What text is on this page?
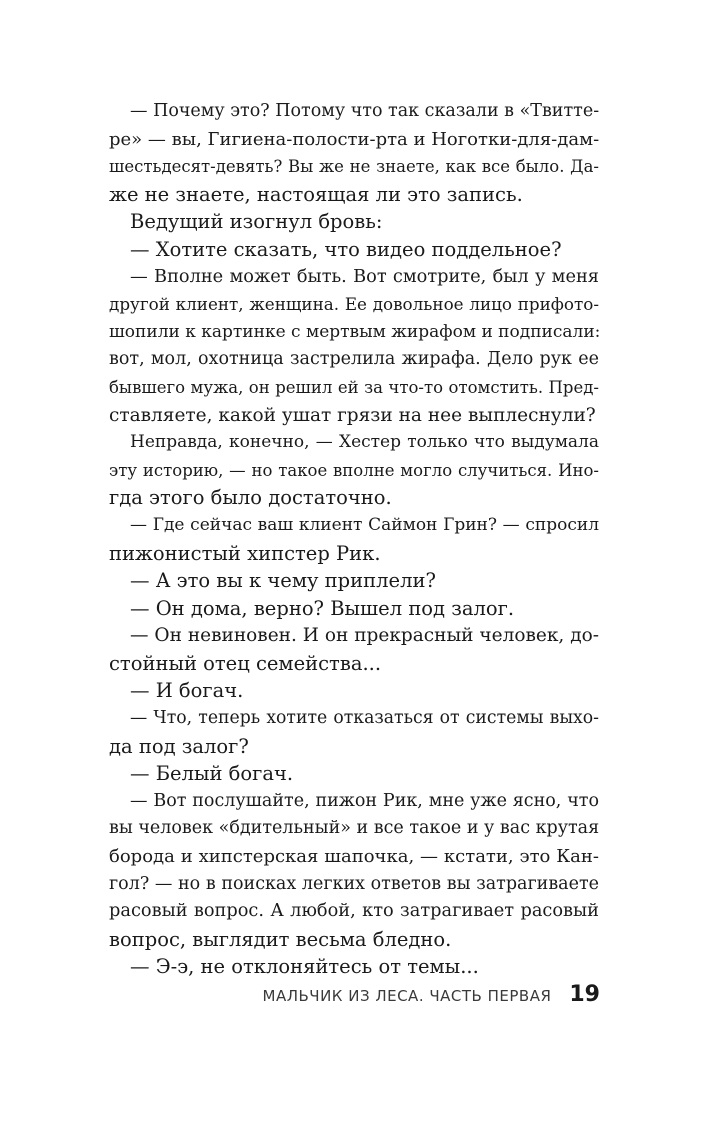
— Почему это? Потому что так сказали в «Твитте-
ре» — вы, Гигиена-полости-рта и Ноготки-для-дам-
шестьдесят-девять? Вы же не знаете, как все было. Да-
же не знаете, настоящая ли это запись.
Ведущий изогнул бровь:
— Хотите сказать, что видео поддельное?
— Вполне может быть. Вот смотрите, был у меня
другой клиент, женщина. Ее довольное лицо прифото-
шопили к картинке с мертвым жирафом и подписали:
вот, мол, охотница застрелила жирафа. Дело рук ее
бывшего мужа, он решил ей за что-то отомстить. Пред-
ставляете, какой ушат грязи на нее выплеснули?
Неправда, конечно, — Хестер только что выдумала
эту историю, — но такое вполне могло случиться. Ино-
гда этого было достаточно.
— Где сейчас ваш клиент Саймон Грин? — спросил
пижонистый хипстер Рик.
— А это вы к чему приплели?
— Он дома, верно? Вышел под залог.
— Он невиновен. И он прекрасный человек, до-
стойный отец семейства...
— И богач.
— Что, теперь хотите отказаться от системы выхо-
да под залог?
— Белый богач.
— Вот послушайте, пижон Рик, мне уже ясно, что
вы человек «бдительный» и все такое и у вас крутая
борода и хипстерская шапочка, — кстати, это Кан-
гол? — но в поисках легких ответов вы затрагиваете
расовый вопрос. А любой, кто затрагивает расовый
вопрос, выглядит весьма бледно.
— Э-э, не отклоняйтесь от темы...
МАЛЬЧИК ИЗ ЛЕСА. ЧАСТЬ ПЕРВАЯ 19
